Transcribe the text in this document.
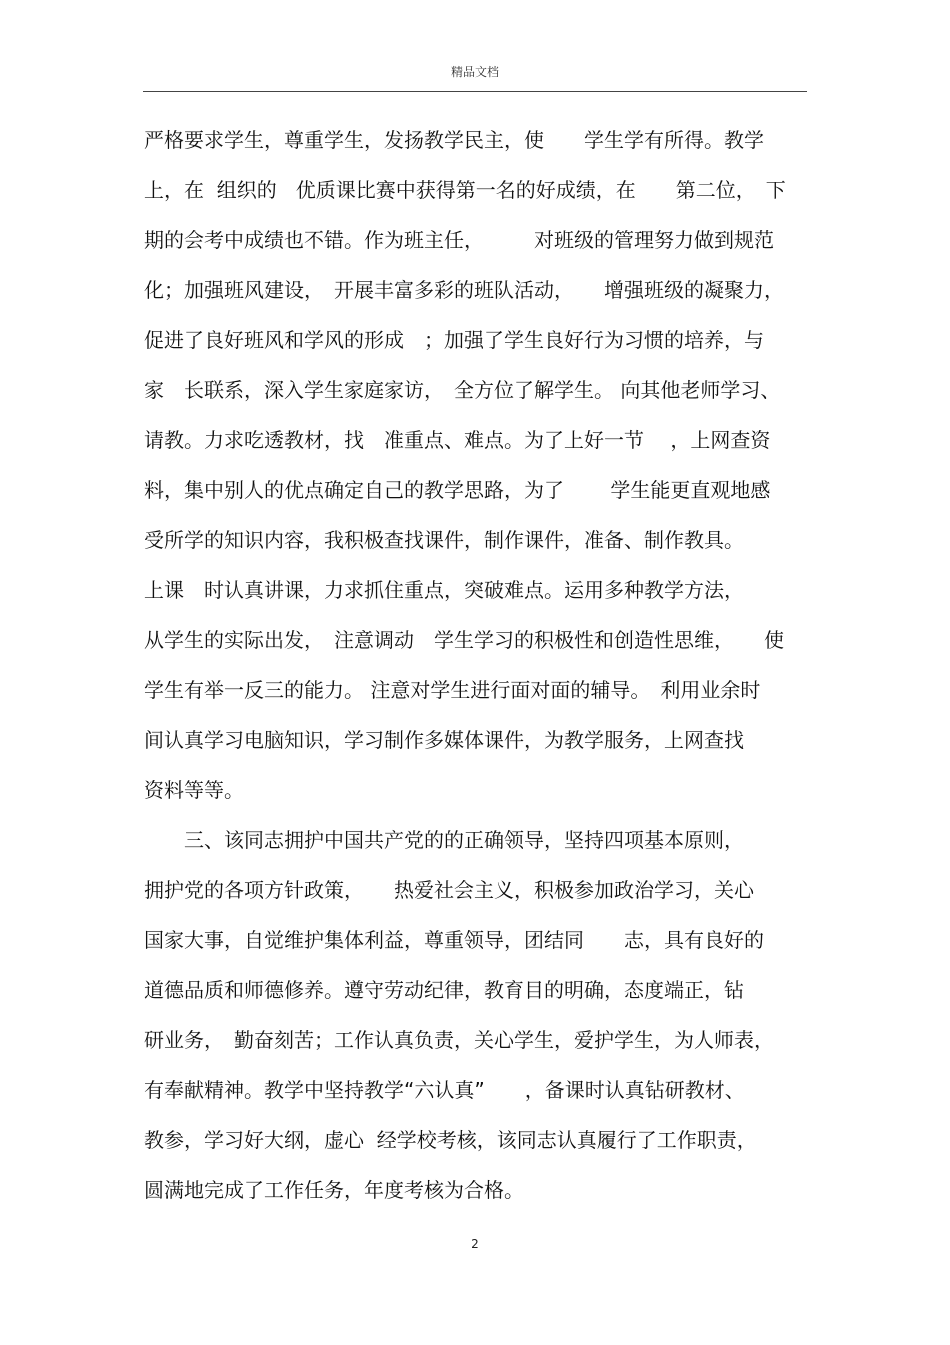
精品文档
严格要求学生，尊重学生，发扬教学民主，使　　学生学有所得。教学
上，在  组织的   优质课比赛中获得第一名的好成绩，在　　第二位，　下
期的会考中成绩也不错。作为班主任，　　　对班级的管理努力做到规范
化；加强班风建设，　开展丰富多彩的班队活动，　　增强班级的凝聚力，
促进了良好班风和学风的形成　；加强了学生良好行为习惯的培养，与
家　长联系，深入学生家庭家访，　全方位了解学生。 向其他老师学习、
请教。力求吃透教材，找　准重点、难点。为了上好一节　 ，上网查资
料，集中别人的优点确定自己的教学思路，为了　　 学生能更直观地感
受所学的知识内容，我积极查找课件，制作课件，准备、制作教具。
上课　时认真讲课，力求抓住重点，突破难点。运用多种教学方法，
从学生的实际出发，　注意调动　学生学习的积极性和创造性思维，　　使
学生有举一反三的能力。 注意对学生进行面对面的辅导。　利用业余时
间认真学习电脑知识，学习制作多媒体课件，为教学服务，上网查找
资料等等。
　　三、该同志拥护中国共产党的的正确领导，坚持四项基本原则，
拥护党的各项方针政策，　　热爱社会主义，积极参加政治学习，关心
国家大事，自觉维护集体利益，尊重领导，团结同　　志，具有良好的
道德品质和师德修养。遵守劳动纪律，教育目的明确，态度端正，钻
研业务，　勤奋刻苦；工作认真负责，关心学生，爱护学生，为人师表，
有奉献精神。教学中坚持教学“六认真”　　，备课时认真钻研教材、
教参，学习好大纲，虚心  经学校考核，该同志认真履行了工作职责，
圆满地完成了工作任务，年度考核为合格。
2
